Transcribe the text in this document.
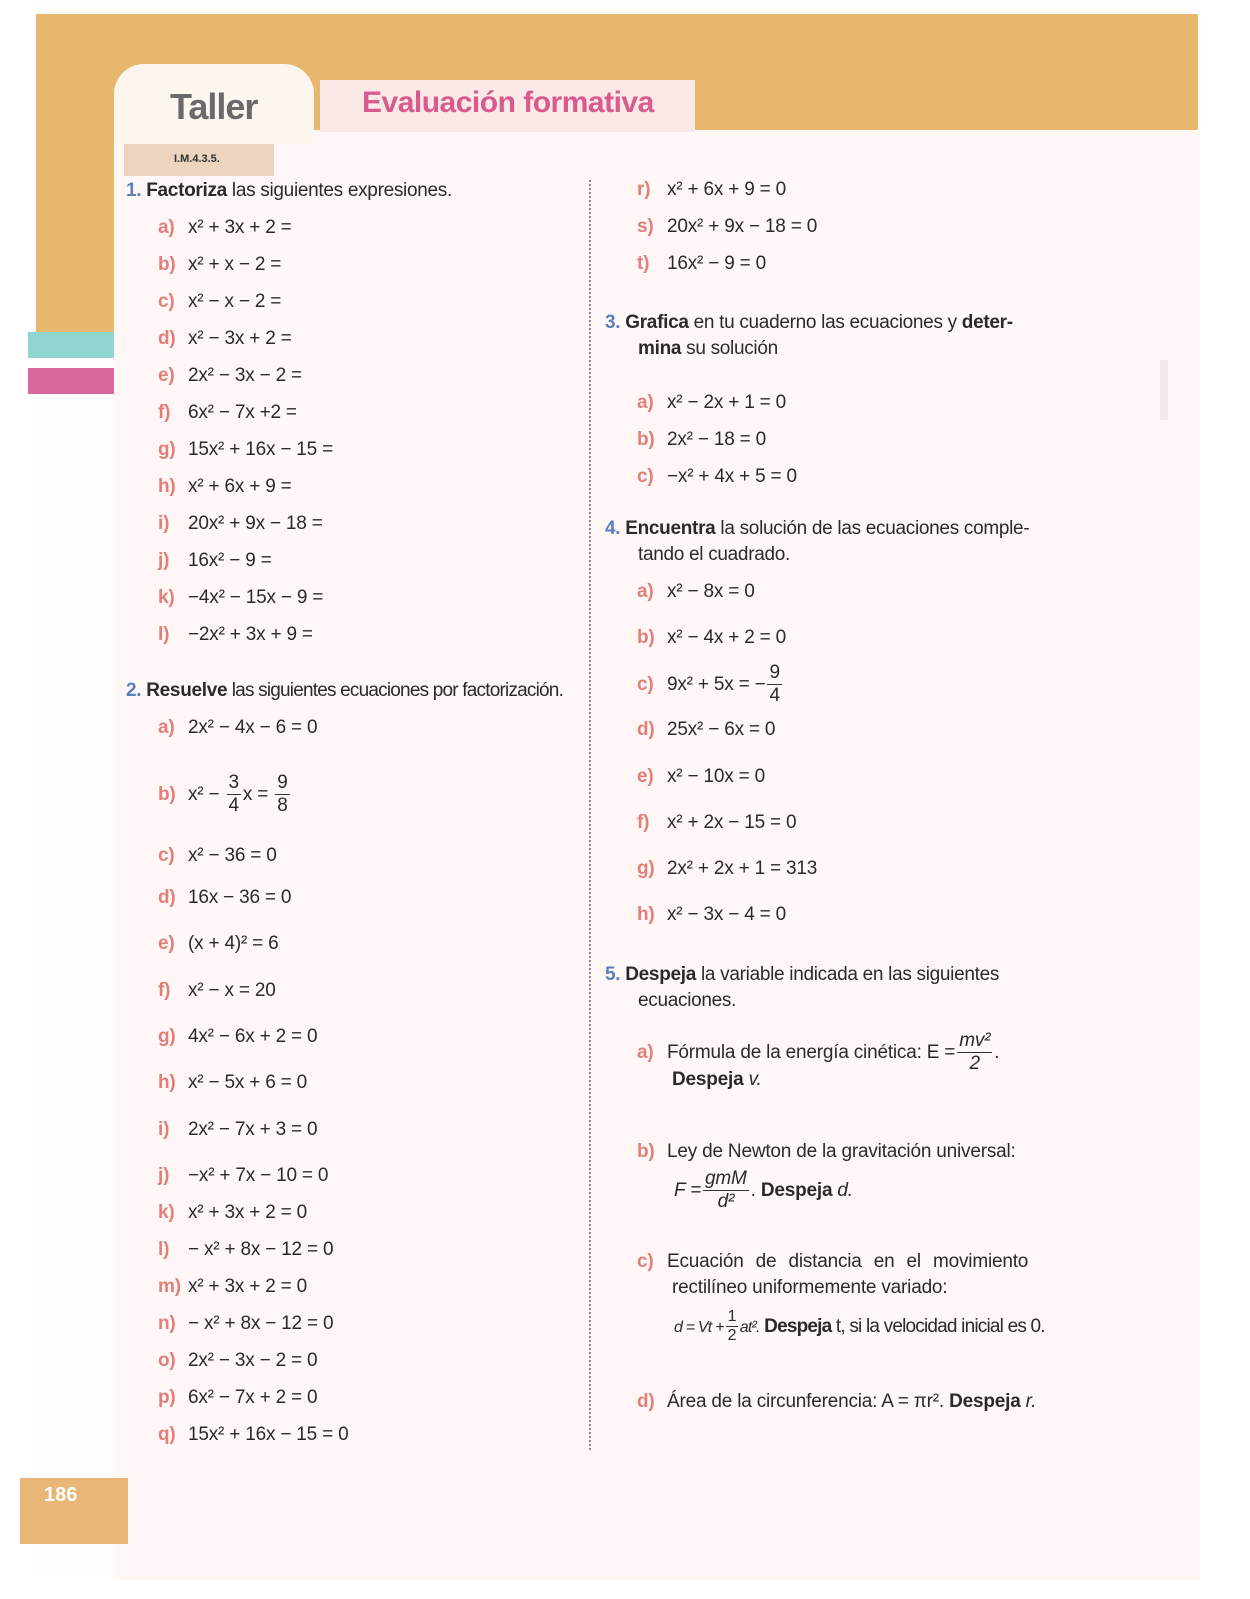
Taller	Evaluación formativa
I.M.4.3.5.
1. Factoriza las siguientes expresiones.
a) x² + 3x + 2 =
b) x² + x − 2 =
c) x² − x − 2 =
d) x² − 3x + 2 =
e) 2x² − 3x − 2 =
f) 6x² − 7x +2 =
g) 15x² + 16x − 15 =
h) x² + 6x + 9 =
i) 20x² + 9x − 18 =
j) 16x² − 9 =
k) −4x² − 15x − 9 =
l) −2x² + 3x + 9 =
2. Resuelve las siguientes ecuaciones por factorización.
a) 2x² − 4x − 6 = 0
b) $x^2 - \frac{3}{4}$ $x = \frac{9}{8}$
c) x² − 36 = 0
d) 16x − 36 = 0
e) (x + 4)² = 6
f) x² − x = 20
g) 4x² − 6x + 2 = 0
h) x² − 5x + 6 = 0
i) 2x² − 7x + 3 = 0
j) −x² + 7x − 10 = 0
k) x² + 3x + 2 = 0
l) − x² + 8x − 12 = 0
m) x² + 3x + 2 = 0
n) − x² + 8x − 12 = 0
o) 2x² − 3x − 2 = 0
p) 6x² − 7x + 2 = 0
q) 15x² + 16x − 15 = 0
r) x² + 6x + 9 = 0
s) 20x² + 9x − 18 = 0
t) 16x² − 9 = 0
3. Grafica en tu cuaderno las ecuaciones y deter-
mina su solución
a) x² − 2x + 1 = 0
b) 2x² − 18 = 0
c) −x² + 4x + 5 = 0
4. Encuentra la solución de las ecuaciones comple-
tando el cuadrado.
a) x² − 8x = 0
b) x² − 4x + 2 = 0
c) 9x² + 5x = − $\frac{9}{4}$
d) 25x² − 6x = 0
e) x² − 10x = 0
f) x² + 2x − 15 = 0
g) 2x² + 2x + 1 = 313
h) x² − 3x − 4 = 0
5. Despeja la variable indicada en las siguientes
ecuaciones.
a) Fórmula de la energía cinética: $E = \frac{\text{mv²}}{2}$ .
Despeja v.
b) Ley de Newton de la gravitación universal:
$F = \frac{\text{gmM}}{\text{d²}}$ . Despeja d.
c) Ecuación de distancia en el movimiento
rectilíneo uniformemente variado:
$d = Vt + \frac{1}{2} at^2$. Despeja t, si la velocidad inicial es 0.
d) Área de la circunferencia: A = πr². Despeja r.
186
